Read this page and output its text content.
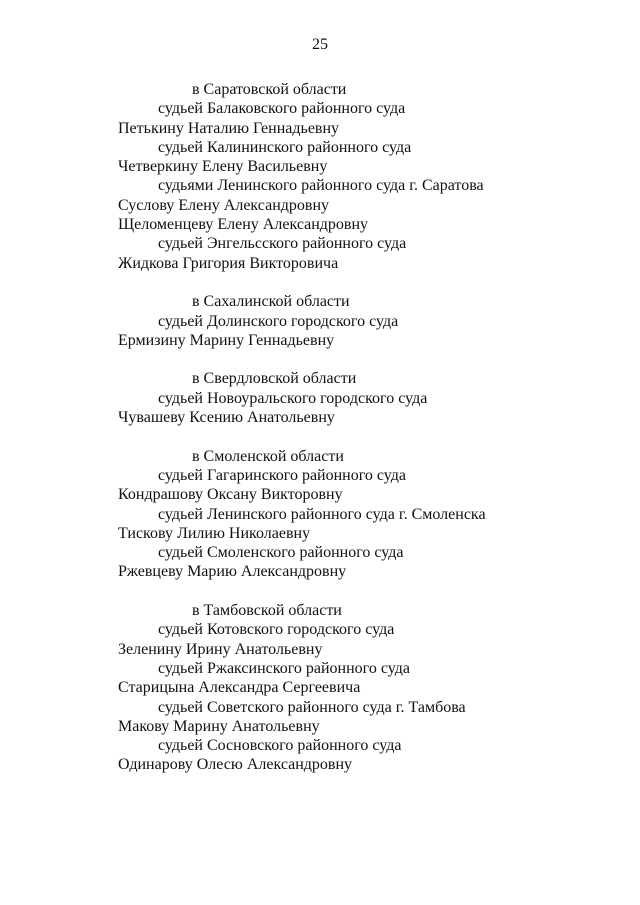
25
в Саратовской области
судьей Балаковского районного суда
Петькину Наталию Геннадьевну
судьей Калининского районного суда
Четверкину Елену Васильевну
судьями Ленинского районного суда г. Саратова
Суслову Елену Александровну
Щеломенцеву Елену Александровну
судьей Энгельсского районного суда
Жидкова Григория Викторовича
в Сахалинской области
судьей Долинского городского суда
Ермизину Марину Геннадьевну
в Свердловской области
судьей Новоуральского городского суда
Чувашеву Ксению Анатольевну
в Смоленской области
судьей Гагаринского районного суда
Кондрашову Оксану Викторовну
судьей Ленинского районного суда г. Смоленска
Тискову Лилию Николаевну
судьей Смоленского районного суда
Ржевцеву Марию Александровну
в Тамбовской области
судьей Котовского городского суда
Зеленину Ирину Анатольевну
судьей Ржаксинского районного суда
Старицына Александра Сергеевича
судьей Советского районного суда г. Тамбова
Макову Марину Анатольевну
судьей Сосновского районного суда
Одинарову Олесю Александровну
